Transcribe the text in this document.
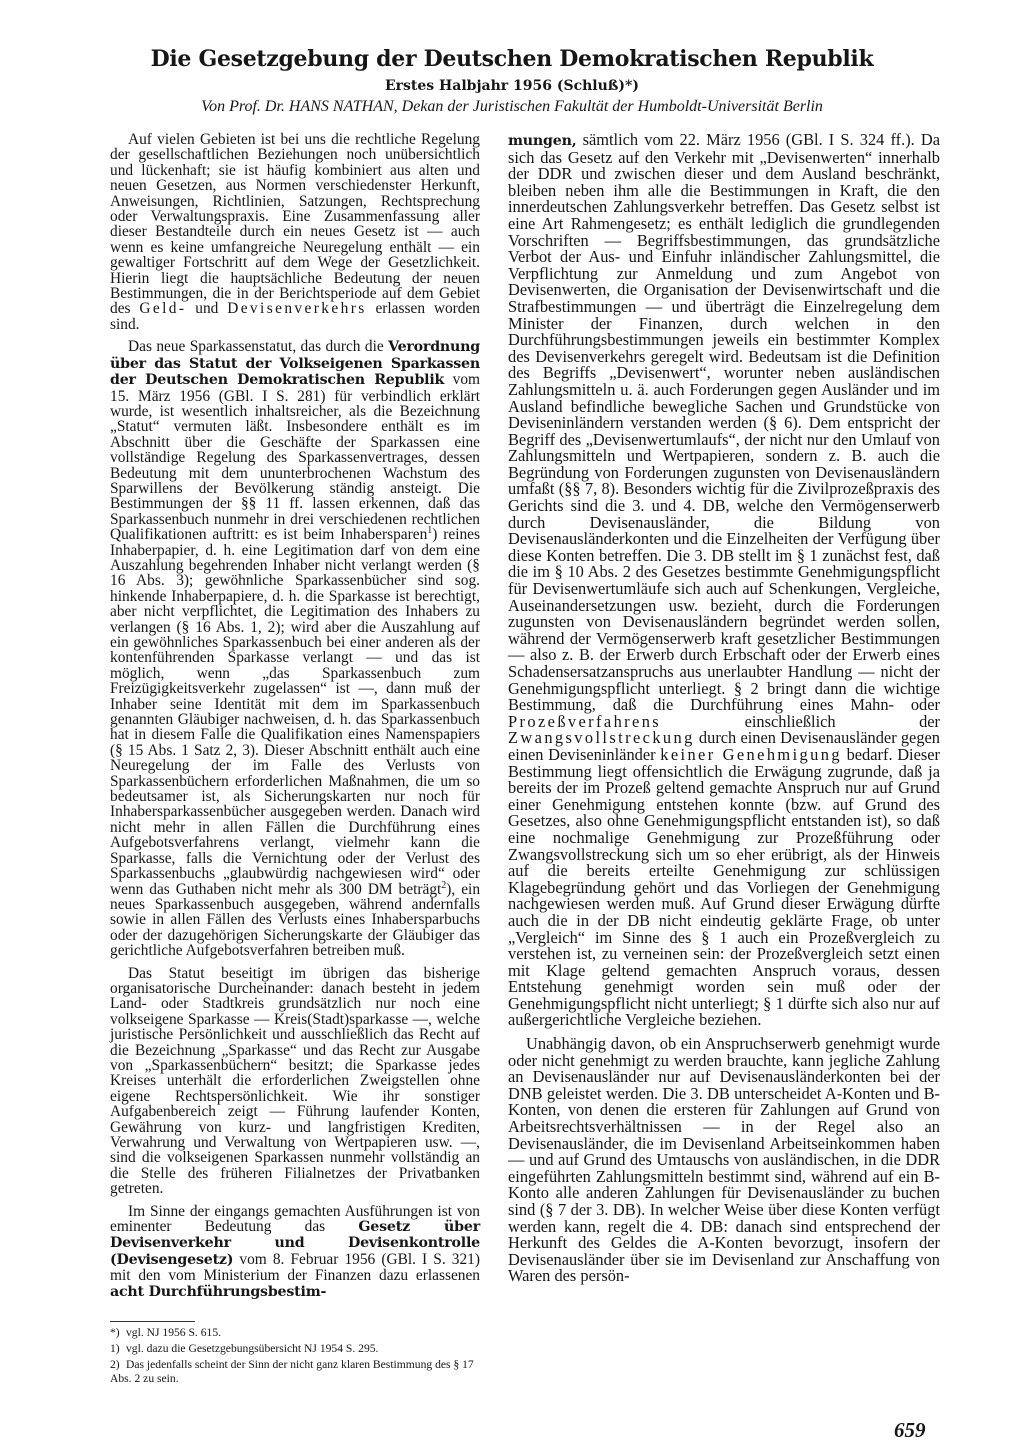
Die Gesetzgebung der Deutschen Demokratischen Republik
Erstes Halbjahr 1956 (Schluß)*)
Von Prof. Dr. HANS NATHAN, Dekan der Juristischen Fakultät der Humboldt-Universität Berlin

Auf vielen Gebieten ist bei uns die rechtliche Regelung der gesellschaftlichen Beziehungen noch unübersichtlich und lückenhaft; sie ist häufig kombiniert aus alten und neuen Gesetzen, aus Normen verschiedenster Herkunft, Anweisungen, Richtlinien, Satzungen, Rechtsprechung oder Verwaltungspraxis. Eine Zusammenfassung aller dieser Bestandteile durch ein neues Gesetz ist — auch wenn es keine umfangreiche Neuregelung enthält — ein gewaltiger Fortschritt auf dem Wege der Gesetzlichkeit. Hierin liegt die hauptsächliche Bedeutung der neuen Bestimmungen, die in der Berichtsperiode auf dem Gebiet des Geld- und Devisenverkehrs erlassen worden sind.

Das neue Sparkassenstatut, das durch die Verordnung über das Statut der Volkseigenen Sparkassen der Deutschen Demokratischen Republik vom 15. März 1956 (GBl. I S. 281) für verbindlich erklärt wurde, ist wesentlich inhaltsreicher, als die Bezeichnung „Statut“ vermuten läßt. Insbesondere enthält es im Abschnitt über die Geschäfte der Sparkassen eine vollständige Regelung des Sparkassenvertrages, dessen Bedeutung mit dem ununterbrochenen Wachstum des Sparwillens der Bevölkerung ständig ansteigt. Die Bestimmungen der §§ 11 ff. lassen erkennen, daß das Sparkassenbuch nunmehr in drei verschiedenen rechtlichen Qualifikationen auftritt: es ist beim Inhabersparen$^1$) reines Inhaberpapier, d. h. eine Legitimation darf von dem eine Auszahlung begehrenden Inhaber nicht verlangt werden (§ 16 Abs. 3); gewöhnliche Sparkassenbücher sind sog. hinkende Inhaberpapiere, d. h. die Sparkasse ist berechtigt, aber nicht verpflichtet, die Legitimation des Inhabers zu verlangen (§ 16 Abs. 1, 2); wird aber die Auszahlung auf ein gewöhnliches Sparkassenbuch bei einer anderen als der kontenführenden Sparkasse verlangt — und das ist möglich, wenn „das Sparkassenbuch zum Freizügigkeitsverkehr zugelassen“ ist —, dann muß der Inhaber seine Identität mit dem im Sparkassenbuch genannten Gläubiger nachweisen, d. h. das Sparkassenbuch hat in diesem Falle die Qualifikation eines Namenspapiers (§ 15 Abs. 1 Satz 2, 3). Dieser Abschnitt enthält auch eine Neuregelung der im Falle des Verlusts von Sparkassenbüchern erforderlichen Maßnahmen, die um so bedeutsamer ist, als Sicherungskarten nur noch für Inhabersparkassenbücher ausgegeben werden. Danach wird nicht mehr in allen Fällen die Durchführung eines Aufgebotsverfahrens verlangt, vielmehr kann die Sparkasse, falls die Vernichtung oder der Verlust des Sparkassenbuchs „glaubwürdig nachgewiesen wird“ oder wenn das Guthaben nicht mehr als 300 DM beträgt$^2$), ein neues Sparkassenbuch ausgegeben, während andernfalls sowie in allen Fällen des Verlusts eines Inhabersparbuchs oder der dazugehörigen Sicherungskarte der Gläubiger das gerichtliche Aufgebotsverfahren betreiben muß.

Das Statut beseitigt im übrigen das bisherige organisatorische Durcheinander: danach besteht in jedem Land- oder Stadtkreis grundsätzlich nur noch eine volkseigene Sparkasse — Kreis(Stadt)sparkasse —, welche juristische Persönlichkeit und ausschließlich das Recht auf die Bezeichnung „Sparkasse“ und das Recht zur Ausgabe von „Sparkassenbüchern“ besitzt; die Sparkasse jedes Kreises unterhält die erforderlichen Zweigstellen ohne eigene Rechtspersönlichkeit. Wie ihr sonstiger Aufgabenbereich zeigt — Führung laufender Konten, Gewährung von kurz- und langfristigen Krediten, Verwahrung und Verwaltung von Wertpapieren usw. —, sind die volkseigenen Sparkassen nunmehr vollständig an die Stelle des früheren Filialnetzes der Privatbanken getreten.

Im Sinne der eingangs gemachten Ausführungen ist von eminenter Bedeutung das Gesetz über Devisenverkehr und Devisenkontrolle (Devisengesetz) vom 8. Februar 1956 (GBl. I S. 321) mit den vom Ministerium der Finanzen dazu erlassenen acht Durchführungsbestim-

*) vgl. NJ 1956 S. 615.
1) vgl. dazu die Gesetzgebungsübersicht NJ 1954 S. 295.
2) Das jedenfalls scheint der Sinn der nicht ganz klaren Bestimmung des § 17 Abs. 2 zu sein.

mungen, sämtlich vom 22. März 1956 (GBl. I S. 324 ff.). Da sich das Gesetz auf den Verkehr mit „Devisenwerten“ innerhalb der DDR und zwischen dieser und dem Ausland beschränkt, bleiben neben ihm alle die Bestimmungen in Kraft, die den innerdeutschen Zahlungsverkehr betreffen. Das Gesetz selbst ist eine Art Rahmengesetz; es enthält lediglich die grundlegenden Vorschriften — Begriffsbestimmungen, das grundsätzliche Verbot der Aus- und Einfuhr inländischer Zahlungsmittel, die Verpflichtung zur Anmeldung und zum Angebot von Devisenwerten, die Organisation der Devisenwirtschaft und die Strafbestimmungen — und überträgt die Einzelregelung dem Minister der Finanzen, durch welchen in den Durchführungsbestimmungen jeweils ein bestimmter Komplex des Devisenverkehrs geregelt wird. Bedeutsam ist die Definition des Begriffs „Devisenwert“, worunter neben ausländischen Zahlungsmitteln u. ä. auch Forderungen gegen Ausländer und im Ausland befindliche bewegliche Sachen und Grundstücke von Deviseninländern verstanden werden (§ 6). Dem entspricht der Begriff des „Devisenwertumlaufs“, der nicht nur den Umlauf von Zahlungsmitteln und Wertpapieren, sondern z. B. auch die Begründung von Forderungen zugunsten von Devisenausländern umfaßt (§§ 7, 8). Besonders wichtig für die Zivilprozeßpraxis des Gerichts sind die 3. und 4. DB, welche den Vermögenserwerb durch Devisenausländer, die Bildung von Devisenausländerkonten und die Einzelheiten der Verfügung über diese Konten betreffen. Die 3. DB stellt im § 1 zunächst fest, daß die im § 10 Abs. 2 des Gesetzes bestimmte Genehmigungspflicht für Devisenwertumläufe sich auch auf Schenkungen, Vergleiche, Auseinandersetzungen usw. bezieht, durch die Forderungen zugunsten von Devisenausländern begründet werden sollen, während der Vermögenserwerb kraft gesetzlicher Bestimmungen — also z. B. der Erwerb durch Erbschaft oder der Erwerb eines Schadensersatzanspruchs aus unerlaubter Handlung — nicht der Genehmigungspflicht unterliegt. § 2 bringt dann die wichtige Bestimmung, daß die Durchführung eines Mahn- oder Prozeßverfahrens einschließlich der Zwangsvollstreckung durch einen Devisenausländer gegen einen Deviseninländer keiner Genehmigung bedarf. Dieser Bestimmung liegt offensichtlich die Erwägung zugrunde, daß ja bereits der im Prozeß geltend gemachte Anspruch nur auf Grund einer Genehmigung entstehen konnte (bzw. auf Grund des Gesetzes, also ohne Genehmigungspflicht entstanden ist), so daß eine nochmalige Genehmigung zur Prozeßführung oder Zwangsvollstreckung sich um so eher erübrigt, als der Hinweis auf die bereits erteilte Genehmigung zur schlüssigen Klagebegründung gehört und das Vorliegen der Genehmigung nachgewiesen werden muß. Auf Grund dieser Erwägung dürfte auch die in der DB nicht eindeutig geklärte Frage, ob unter „Vergleich“ im Sinne des § 1 auch ein Prozeßvergleich zu verstehen ist, zu verneinen sein: der Prozeßvergleich setzt einen mit Klage geltend gemachten Anspruch voraus, dessen Entstehung genehmigt worden sein muß oder der Genehmigungspflicht nicht unterliegt; § 1 dürfte sich also nur auf außergerichtliche Vergleiche beziehen.

Unabhängig davon, ob ein Anspruchserwerb genehmigt wurde oder nicht genehmigt zu werden brauchte, kann jegliche Zahlung an Devisenausländer nur auf Devisenausländerkonten bei der DNB geleistet werden. Die 3. DB unterscheidet A-Konten und B-Konten, von denen die ersteren für Zahlungen auf Grund von Arbeitsrechtsverhältnissen — in der Regel also an Devisenausländer, die im Devisenland Arbeitseinkommen haben — und auf Grund des Umtauschs von ausländischen, in die DDR eingeführten Zahlungsmitteln bestimmt sind, während auf ein B-Konto alle anderen Zahlungen für Devisenausländer zu buchen sind (§ 7 der 3. DB). In welcher Weise über diese Konten verfügt werden kann, regelt die 4. DB: danach sind entsprechend der Herkunft des Geldes die A-Konten bevorzugt, insofern der Devisenausländer über sie im Devisenland zur Anschaffung von Waren des persön-

659
